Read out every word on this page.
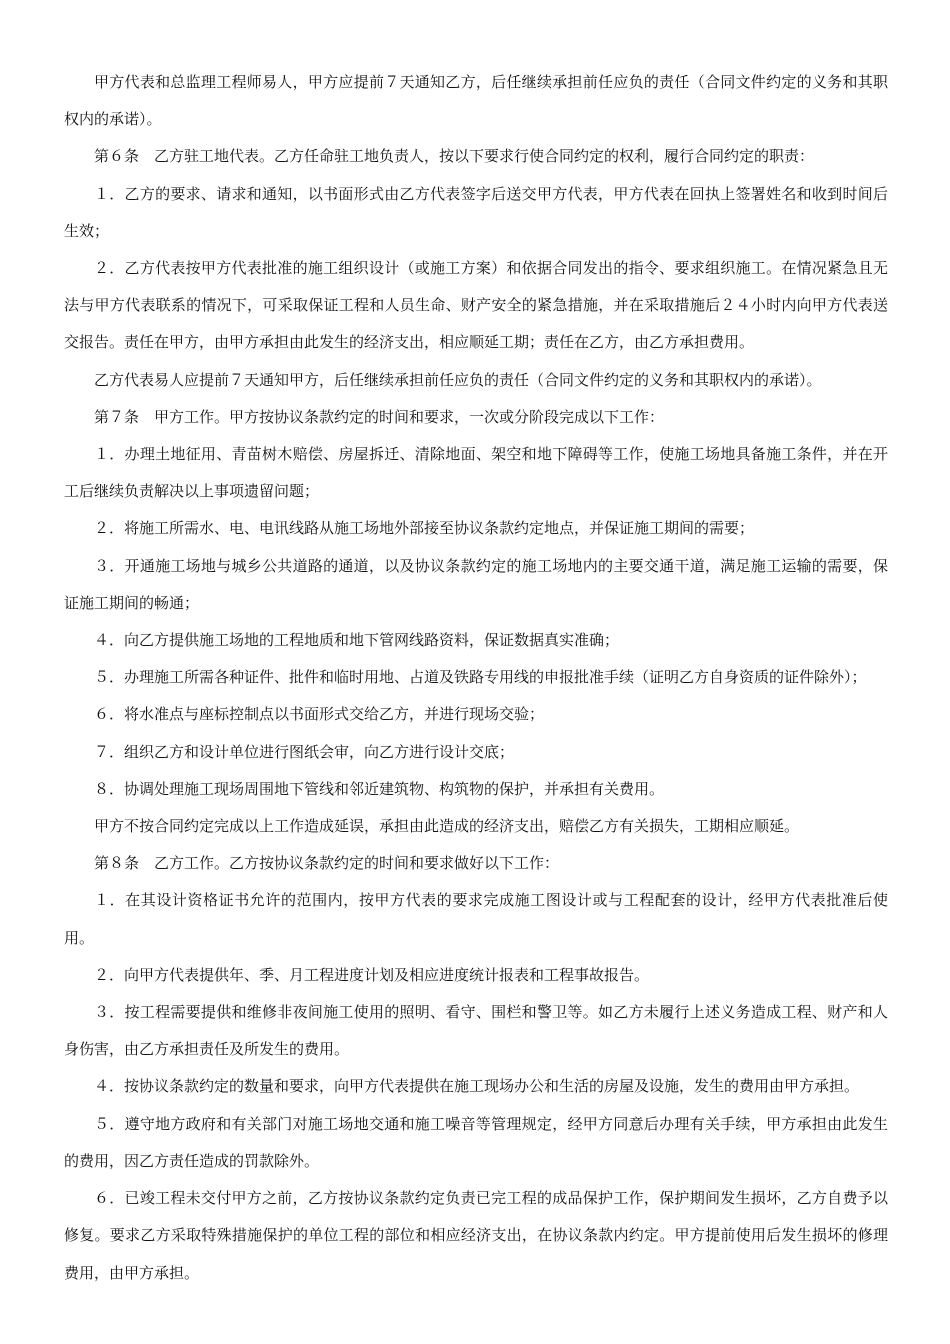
甲方代表和总监理工程师易人，甲方应提前７天通知乙方，后任继续承担前任应负的责任（合同文件约定的义务和其职权内的承诺）。

第６条　乙方驻工地代表。乙方任命驻工地负责人，按以下要求行使合同约定的权利，履行合同约定的职责：

１．乙方的要求、请求和通知，以书面形式由乙方代表签字后送交甲方代表，甲方代表在回执上签署姓名和收到时间后生效；

２．乙方代表按甲方代表批准的施工组织设计（或施工方案）和依据合同发出的指令、要求组织施工。在情况紧急且无法与甲方代表联系的情况下，可采取保证工程和人员生命、财产安全的紧急措施，并在采取措施后２４小时内向甲方代表送交报告。责任在甲方，由甲方承担由此发生的经济支出，相应顺延工期；责任在乙方，由乙方承担费用。

乙方代表易人应提前７天通知甲方，后任继续承担前任应负的责任（合同文件约定的义务和其职权内的承诺）。

第７条　甲方工作。甲方按协议条款约定的时间和要求，一次或分阶段完成以下工作：

１．办理土地征用、青苗树木赔偿、房屋拆迁、清除地面、架空和地下障碍等工作，使施工场地具备施工条件，并在开工后继续负责解决以上事项遗留问题；

２．将施工所需水、电、电讯线路从施工场地外部接至协议条款约定地点，并保证施工期间的需要；

３．开通施工场地与城乡公共道路的通道，以及协议条款约定的施工场地内的主要交通干道，满足施工运输的需要，保证施工期间的畅通；

４．向乙方提供施工场地的工程地质和地下管网线路资料，保证数据真实准确；

５．办理施工所需各种证件、批件和临时用地、占道及铁路专用线的申报批准手续（证明乙方自身资质的证件除外）；

６．将水准点与座标控制点以书面形式交给乙方，并进行现场交验；

７．组织乙方和设计单位进行图纸会审，向乙方进行设计交底；

８．协调处理施工现场周围地下管线和邻近建筑物、构筑物的保护，并承担有关费用。

甲方不按合同约定完成以上工作造成延误，承担由此造成的经济支出，赔偿乙方有关损失，工期相应顺延。

第８条　乙方工作。乙方按协议条款约定的时间和要求做好以下工作：

１．在其设计资格证书允许的范围内，按甲方代表的要求完成施工图设计或与工程配套的设计，经甲方代表批准后使用。

２．向甲方代表提供年、季、月工程进度计划及相应进度统计报表和工程事故报告。

３．按工程需要提供和维修非夜间施工使用的照明、看守、围栏和警卫等。如乙方未履行上述义务造成工程、财产和人身伤害，由乙方承担责任及所发生的费用。

４．按协议条款约定的数量和要求，向甲方代表提供在施工现场办公和生活的房屋及设施，发生的费用由甲方承担。

５．遵守地方政府和有关部门对施工场地交通和施工噪音等管理规定，经甲方同意后办理有关手续，甲方承担由此发生的费用，因乙方责任造成的罚款除外。

６．已竣工程未交付甲方之前，乙方按协议条款约定负责已完工程的成品保护工作，保护期间发生损坏，乙方自费予以修复。要求乙方采取特殊措施保护的单位工程的部位和相应经济支出，在协议条款内约定。甲方提前使用后发生损坏的修理费用，由甲方承担。
